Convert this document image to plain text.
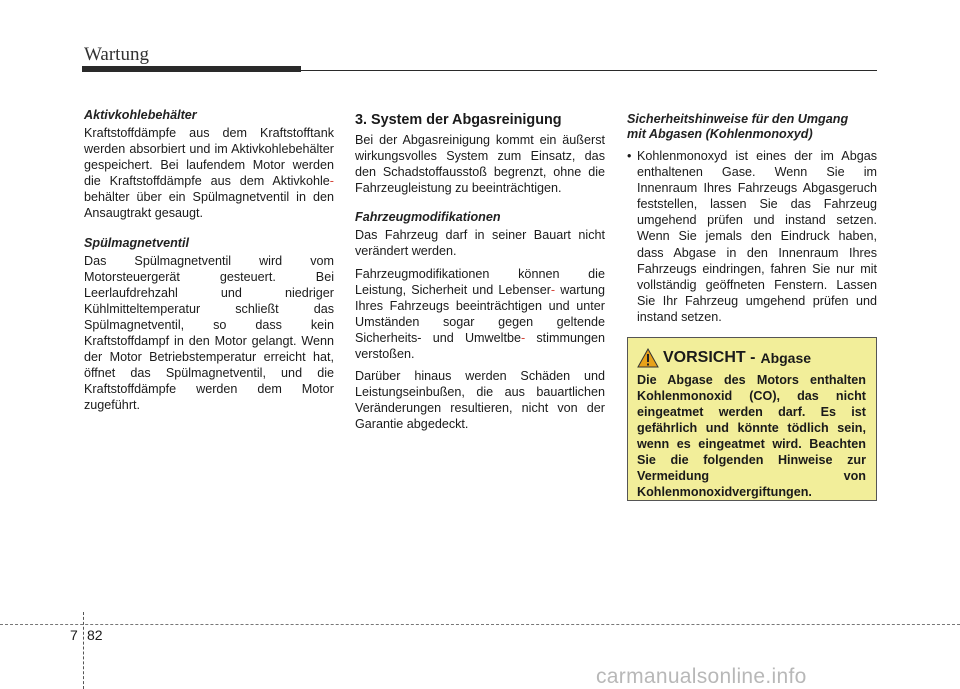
Wartung
Aktivkohlebehälter

Kraftstoffdämpfe aus dem Kraftstofftank werden absorbiert und im Aktivkohlebehälter gespeichert. Bei laufendem Motor werden die Kraftstoffdämpfe aus dem Aktivkohle- behälter über ein Spülmagnetventil in den Ansaugtrakt gesaugt.

Spülmagnetventil

Das Spülmagnetventil wird vom Motorsteuergerät gesteuert. Bei Leerlaufdrehzahl und niedriger Kühlmitteltemperatur schließt das Spülmagnetventil, so dass kein Kraftstoffdampf in den Motor gelangt. Wenn der Motor Betriebstemperatur erreicht hat, öffnet das Spülmagnetventil, und die Kraftstoffdämpfe werden dem Motor zugeführt.

3. System der Abgasreinigung

Bei der Abgasreinigung kommt ein äußerst wirkungsvolles System zum Einsatz, das den Schadstoffausstoß begrenzt, ohne die Fahrzeugleistung zu beeinträchtigen.

Fahrzeugmodifikationen

Das Fahrzeug darf in seiner Bauart nicht verändert werden.

Fahrzeugmodifikationen können die Leistung, Sicherheit und Lebenser- wartung Ihres Fahrzeugs beeinträchtigen und unter Umständen sogar gegen geltende Sicherheits- und Umweltbe- stimmungen verstoßen.

Darüber hinaus werden Schäden und Leistungseinbußen, die aus bauartlichen Veränderungen resultieren, nicht von der Garantie abgedeckt.

Sicherheitshinweise für den Umgang
mit Abgasen (Kohlenmonoxyd)
• Kohlenmonoxyd ist eines der im Abgas enthaltenen Gase. Wenn Sie im Innenraum Ihres Fahrzeugs Abgasgeruch feststellen, lassen Sie das Fahrzeug umgehend prüfen und instand setzen. Wenn Sie jemals den Eindruck haben, dass Abgase in den Innenraum Ihres Fahrzeugs eindringen, fahren Sie nur mit vollständig geöffneten Fenstern. Lassen Sie Ihr Fahrzeug umgehend prüfen und instand setzen.
VORSICHT - Abgase
Die Abgase des Motors enthalten Kohlenmonoxid (CO), das nicht eingeatmet werden darf. Es ist gefährlich und könnte tödlich sein, wenn es eingeatmet wird. Beachten Sie die folgenden Hinweise zur Vermeidung von Kohlenmonoxidvergiftungen.
7 82
carmanualsonline.info
